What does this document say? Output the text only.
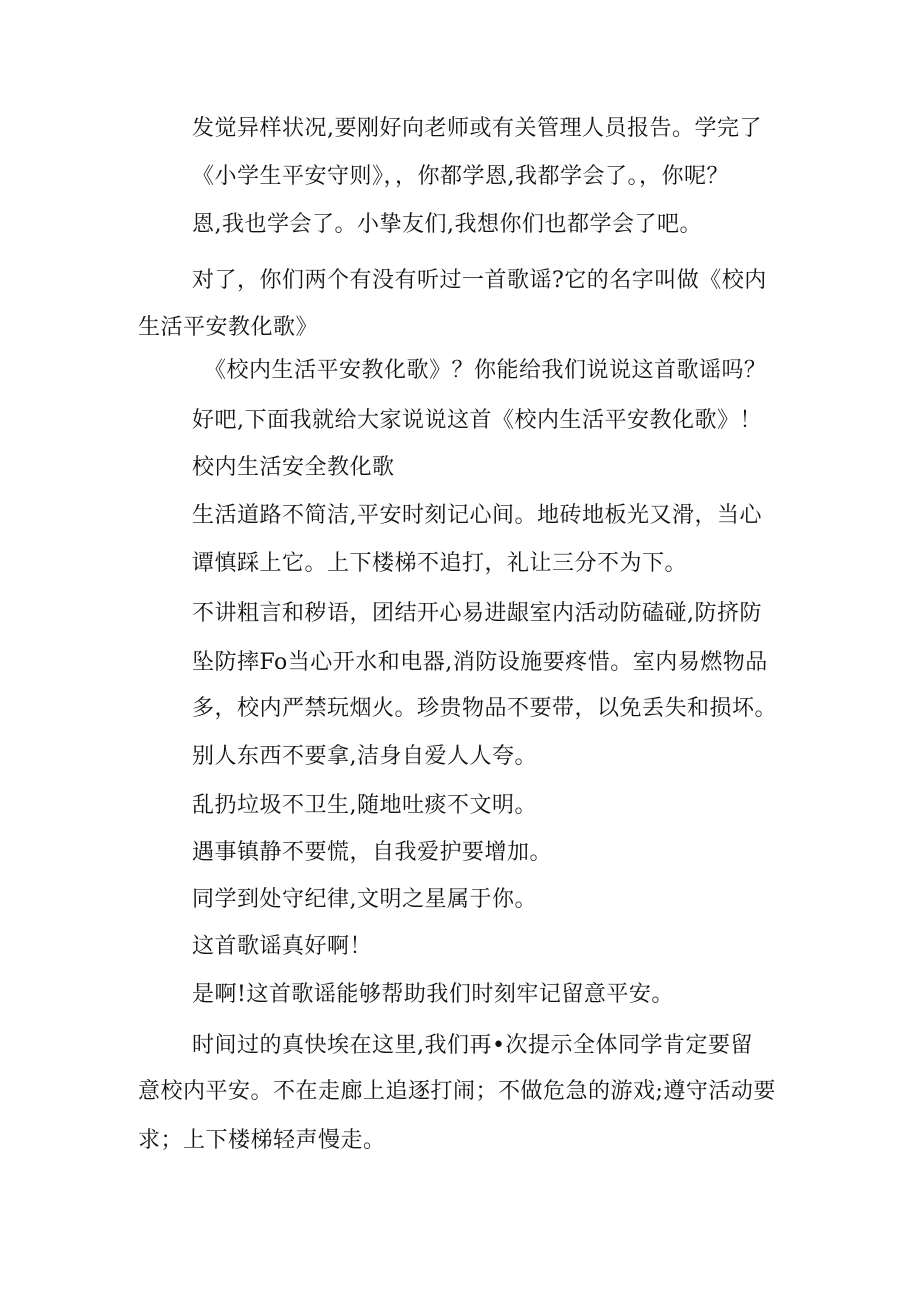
发觉异样状况,要刚好向老师或有关管理人员报告。学完了
《小学生平安守则》，，你都学恩,我都学会了。，你呢？
恩,我也学会了。小挚友们,我想你们也都学会了吧。
对了，你们两个有没有听过一首歌谣?它的名字叫做《校内
生活平安教化歌》
《校内生活平安教化歌》？你能给我们说说这首歌谣吗？
好吧,下面我就给大家说说这首《校内生活平安教化歌》！
校内生活安全教化歌
生活道路不简洁,平安时刻记心间。地砖地板光又滑，当心
谭慎踩上它。上下楼梯不追打，礼让三分不为下。
不讲粗言和秽语，团结开心易进龈室内活动防磕碰,防挤防
坠防摔Fo当心开水和电器,消防设施要疼惜。室内易燃物品
多，校内严禁玩烟火。珍贵物品不要带，以免丢失和损坏。
别人东西不要拿,洁身自爱人人夸。
乱扔垃圾不卫生,随地吐痰不文明。
遇事镇静不要慌，自我爱护要增加。
同学到处守纪律,文明之星属于你。
这首歌谣真好啊！
是啊!这首歌谣能够帮助我们时刻牢记留意平安。
时间过的真快埃在这里,我们再•次提示全体同学肯定要留
意校内平安。不在走廊上追逐打闹；不做危急的游戏;遵守活动要
求；上下楼梯轻声慢走。
